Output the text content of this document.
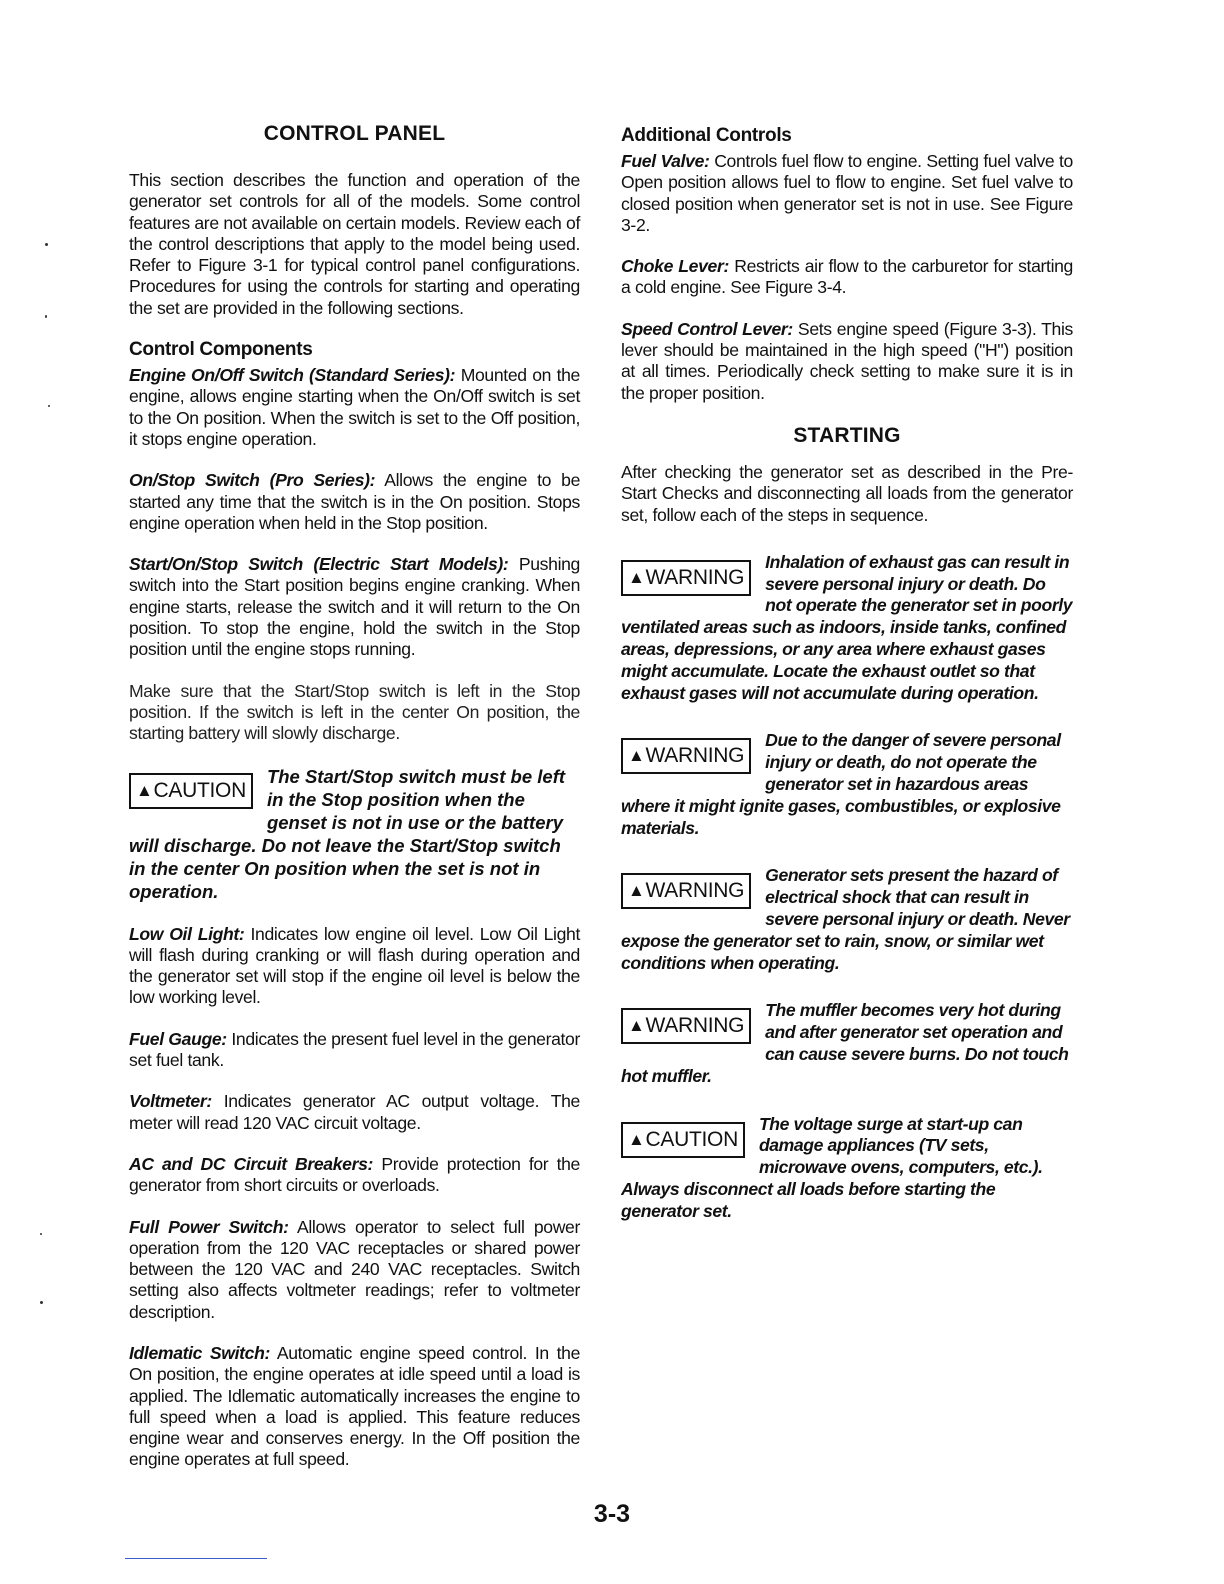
CONTROL PANEL

This section describes the function and operation of the generator set controls for all of the models. Some control features are not available on certain models. Review each of the control descriptions that apply to the model being used. Refer to Figure 3-1 for typical control panel configurations. Procedures for using the controls for starting and operating the set are provided in the following sections.

Control Components

Engine On/Off Switch (Standard Series): Mounted on the engine, allows engine starting when the On/Off switch is set to the On position. When the switch is set to the Off position, it stops engine operation.

On/Stop Switch (Pro Series): Allows the engine to be started any time that the switch is in the On position. Stops engine operation when held in the Stop position.

Start/On/Stop Switch (Electric Start Models): Pushing switch into the Start position begins engine cranking. When engine starts, release the switch and it will return to the On position. To stop the engine, hold the switch in the Stop position until the engine stops running.

Make sure that the Start/Stop switch is left in the Stop position. If the switch is left in the center On position, the starting battery will slowly discharge.

▲CAUTION

The Start/Stop switch must be left in the Stop position when the genset is not in use or the battery will discharge. Do not leave the Start/Stop switch in the center On position when the set is not in operation.

Low Oil Light: Indicates low engine oil level. Low Oil Light will flash during cranking or will flash during operation and the generator set will stop if the engine oil level is below the low working level.

Fuel Gauge: Indicates the present fuel level in the generator set fuel tank.

Voltmeter: Indicates generator AC output voltage. The meter will read 120 VAC circuit voltage.

AC and DC Circuit Breakers: Provide protection for the generator from short circuits or overloads.

Full Power Switch: Allows operator to select full power operation from the 120 VAC receptacles or shared power between the 120 VAC and 240 VAC receptacles. Switch setting also affects voltmeter readings; refer to voltmeter description.

Idlematic Switch: Automatic engine speed control. In the On position, the engine operates at idle speed until a load is applied. The Idlematic automatically increases the engine to full speed when a load is applied. This feature reduces engine wear and conserves energy. In the Off position the engine operates at full speed.

Additional Controls

Fuel Valve: Controls fuel flow to engine. Setting fuel valve to Open position allows fuel to flow to engine. Set fuel valve to closed position when generator set is not in use. See Figure 3-2.

Choke Lever: Restricts air flow to the carburetor for starting a cold engine. See Figure 3-4.

Speed Control Lever: Sets engine speed (Figure 3-3). This lever should be maintained in the high speed ("H") position at all times. Periodically check setting to make sure it is in the proper position.

STARTING

After checking the generator set as described in the Pre-Start Checks and disconnecting all loads from the generator set, follow each of the steps in sequence.

▲WARNING

Inhalation of exhaust gas can result in severe personal injury or death. Do not operate the generator set in poorly ventilated areas such as indoors, inside tanks, confined areas, depressions, or any area where exhaust gases might accumulate. Locate the exhaust outlet so that exhaust gases will not accumulate during operation.

▲WARNING

Due to the danger of severe personal injury or death, do not operate the generator set in hazardous areas where it might ignite gases, combustibles, or explosive materials.

▲WARNING

Generator sets present the hazard of electrical shock that can result in severe personal injury or death. Never expose the generator set to rain, snow, or similar wet conditions when operating.

▲WARNING

The muffler becomes very hot during and after generator set operation and can cause severe burns. Do not touch hot muffler.

▲CAUTION

The voltage surge at start-up can damage appliances (TV sets, microwave ovens, computers, etc.). Always disconnect all loads before starting the generator set.

3-3
